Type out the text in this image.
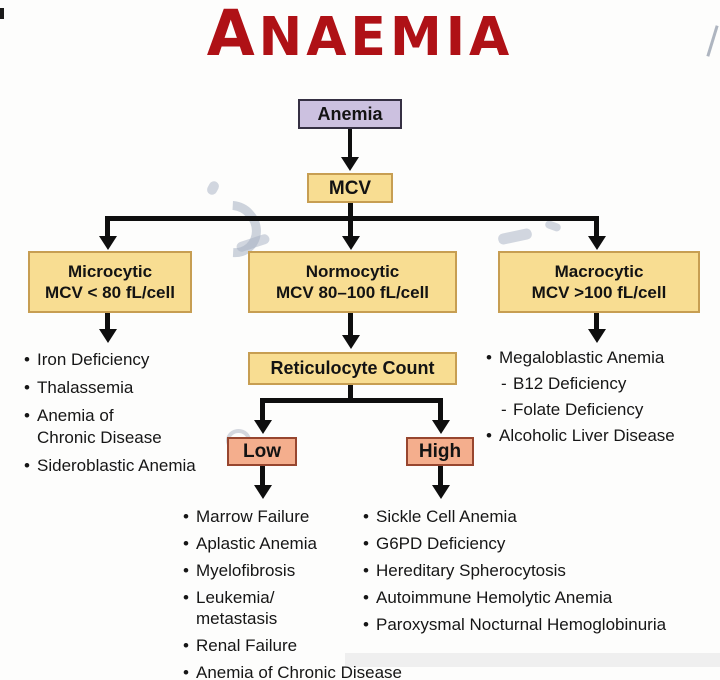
ANAEMIA
Anemia
MCV
Microcytic
MCV < 80 fL/cell
Normocytic
MCV 80–100 fL/cell
Macrocytic
MCV >100 fL/cell
Reticulocyte Count
Low	High
• Iron Deficiency
• Thalassemia
• Anemia of
Chronic Disease
• Sideroblastic Anemia
• Megaloblastic Anemia
- B12 Deficiency
- Folate Deficiency
• Alcoholic Liver Disease
• Marrow Failure
• Aplastic Anemia
• Myelofibrosis
• Leukemia/
metastasis
• Renal Failure
• Anemia of Chronic Disease
• Sickle Cell Anemia
• G6PD Deficiency
• Hereditary Spherocytosis
• Autoimmune Hemolytic Anemia
• Paroxysmal Nocturnal Hemoglobinuria
